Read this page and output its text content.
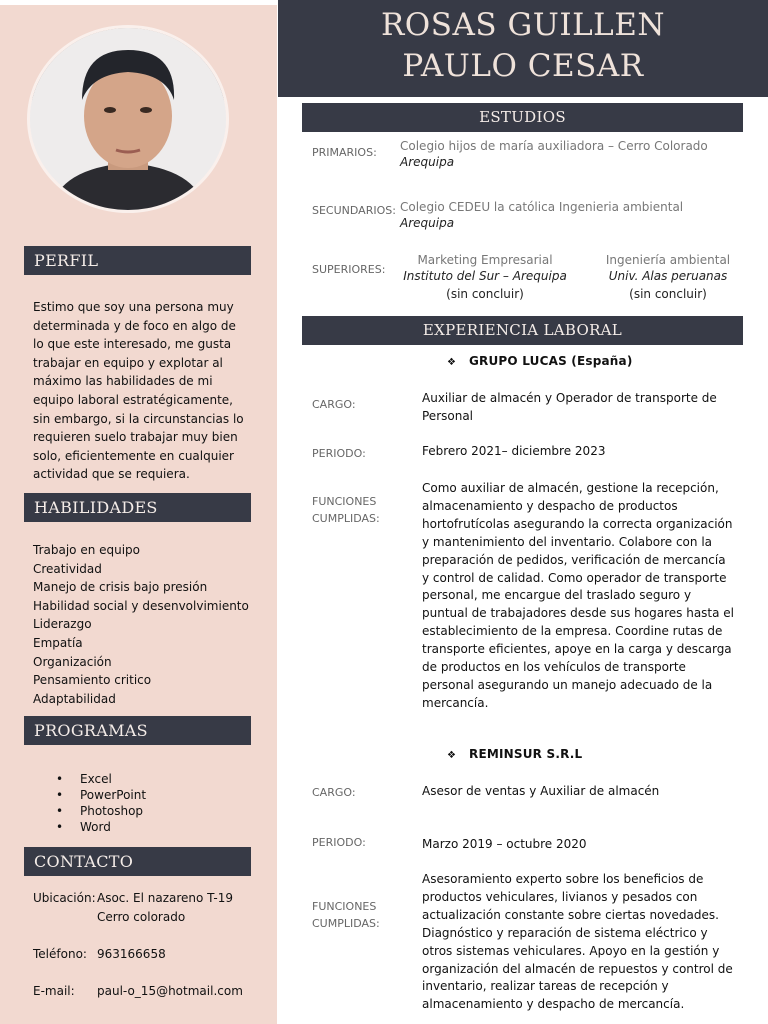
PERFIL

Estimo que soy una persona muy determinada y de foco en algo de lo que este interesado, me gusta trabajar en equipo y explotar al máximo las habilidades de mi equipo laboral estratégicamente, sin embargo, si la circunstancias lo requieren suelo trabajar muy bien solo, eficientemente en cualquier actividad que se requiera.

HABILIDADES
Trabajo en equipo
Creatividad
Manejo de crisis bajo presión
Habilidad social y desenvolvimiento
Liderazgo
Empatía
Organización
Pensamiento critico
Adaptabilidad
PROGRAMAS
• Excel
• PowerPoint
• Photoshop
• Word
CONTACTO
Ubicación:Asoc. El nazareno T-19
Cerro colorado
Teléfono: 963166658
E-mail: paul-o_15@hotmail.com
ROSAS GUILLEN
PAULO CESAR
ESTUDIOS
PRIMARIOS: Colegio hijos de maría auxiliadora – Cerro Colorado
Arequipa
SECUNDARIOS: Colegio CEDEU la católica Ingenieria ambiental
Arequipa
SUPERIORES:
Marketing Empresarial
Instituto del Sur – Arequipa
(sin concluir)
Ingeniería ambiental
Univ. Alas peruanas
(sin concluir)
EXPERIENCIA LABORAL
❖ GRUPO LUCAS (España)
CARGO:	Auxiliar de almacén y Operador de transporte de Personal
PERIODO:	Febrero 2021– diciembre 2023
FUNCIONES
CUMPLIDAS:
Como auxiliar de almacén, gestione la recepción, almacenamiento y despacho de productos hortofrutícolas asegurando la correcta organización y mantenimiento del inventario. Colabore con la preparación de pedidos, verificación de mercancía y control de calidad. Como operador de transporte personal, me encargue del traslado seguro y puntual de trabajadores desde sus hogares hasta el establecimiento de la empresa. Coordine rutas de transporte eficientes, apoye en la carga y descarga de productos en los vehículos de transporte personal asegurando un manejo adecuado de la mercancía.
❖ REMINSUR S.R.L
CARGO:	Asesor de ventas y Auxiliar de almacén
PERIODO:	Marzo 2019 – octubre 2020
FUNCIONES
CUMPLIDAS:
Asesoramiento experto sobre los beneficios de productos vehiculares, livianos y pesados con actualización constante sobre ciertas novedades. Diagnóstico y reparación de sistema eléctrico y otros sistemas vehiculares. Apoyo en la gestión y organización del almacén de repuestos y control de inventario, realizar tareas de recepción y almacenamiento y despacho de mercancía.
